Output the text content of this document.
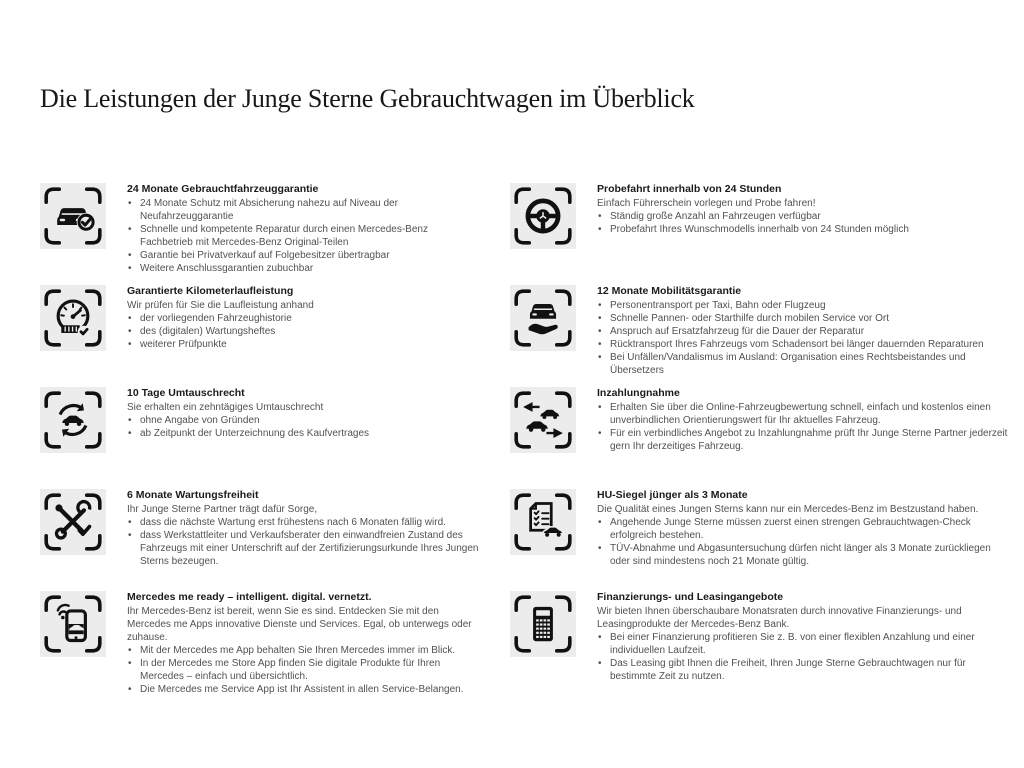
Die Leistungen der Junge Sterne Gebrauchtwagen im Überblick
24 Monate Gebrauchtfahrzeuggarantie
• 24 Monate Schutz mit Absicherung nahezu auf Niveau der Neufahrzeuggarantie
• Schnelle und kompetente Reparatur durch einen Mercedes-Benz Fachbetrieb mit Mercedes-Benz Original-Teilen
• Garantie bei Privatverkauf auf Folgebesitzer übertragbar
• Weitere Anschlussgarantien zubuchbar
Garantierte Kilometerlaufleistung

Wir prüfen für Sie die Laufleistung anhand

• der vorliegenden Fahrzeughistorie
• des (digitalen) Wartungsheftes
• weiterer Prüfpunkte
10 Tage Umtauschrecht

Sie erhalten ein zehntägiges Umtauschrecht

• ohne Angabe von Gründen
• ab Zeitpunkt der Unterzeichnung des Kaufvertrages
6 Monate Wartungsfreiheit

Ihr Junge Sterne Partner trägt dafür Sorge,

• dass die nächste Wartung erst frühestens nach 6 Monaten fällig wird.
• dass Werkstattleiter und Verkaufsberater den einwandfreien Zustand des Fahrzeugs mit einer Unterschrift auf der Zertifizierungsurkunde Ihres Jungen Sterns bezeugen.
Mercedes me ready – intelligent. digital. vernetzt.

Ihr Mercedes-Benz ist bereit, wenn Sie es sind. Entdecken Sie mit den Mercedes me Apps innovative Dienste und Services. Egal, ob unterwegs oder zuhause.

• Mit der Mercedes me App behalten Sie Ihren Mercedes immer im Blick.
• In der Mercedes me Store App finden Sie digitale Produkte für Ihren Mercedes – einfach und übersichtlich.
• Die Mercedes me Service App ist Ihr Assistent in allen Service-Belangen.
Probefahrt innerhalb von 24 Stunden

Einfach Führerschein vorlegen und Probe fahren!

• Ständig große Anzahl an Fahrzeugen verfügbar
• Probefahrt Ihres Wunschmodells innerhalb von 24 Stunden möglich
12 Monate Mobilitätsgarantie
• Personentransport per Taxi, Bahn oder Flugzeug
• Schnelle Pannen- oder Starthilfe durch mobilen Service vor Ort
• Anspruch auf Ersatzfahrzeug für die Dauer der Reparatur
• Rücktransport Ihres Fahrzeugs vom Schadensort bei länger dauernden Reparaturen
• Bei Unfällen/Vandalismus im Ausland: Organisation eines Rechtsbeistandes und Übersetzers
Inzahlungnahme
• Erhalten Sie über die Online-Fahrzeugbewertung schnell, einfach und kostenlos einen unverbindlichen Orientierungswert für Ihr aktuelles Fahrzeug.
• Für ein verbindliches Angebot zu Inzahlungnahme prüft Ihr Junge Sterne Partner jederzeit gern Ihr derzeitiges Fahrzeug.
HU-Siegel jünger als 3 Monate

Die Qualität eines Jungen Sterns kann nur ein Mercedes-Benz im Bestzustand haben.

• Angehende Junge Sterne müssen zuerst einen strengen Gebrauchtwagen-Check erfolgreich bestehen.
• TÜV-Abnahme und Abgasuntersuchung dürfen nicht länger als 3 Monate zurückliegen oder sind mindestens noch 21 Monate gültig.
Finanzierungs- und Leasingangebote

Wir bieten Ihnen überschaubare Monatsraten durch innovative Finanzierungs- und Leasingprodukte der Mercedes-Benz Bank.

• Bei einer Finanzierung profitieren Sie z. B. von einer flexiblen Anzahlung und einer individuellen Laufzeit.
• Das Leasing gibt Ihnen die Freiheit, Ihren Junge Sterne Gebrauchtwagen nur für bestimmte Zeit zu nutzen.
